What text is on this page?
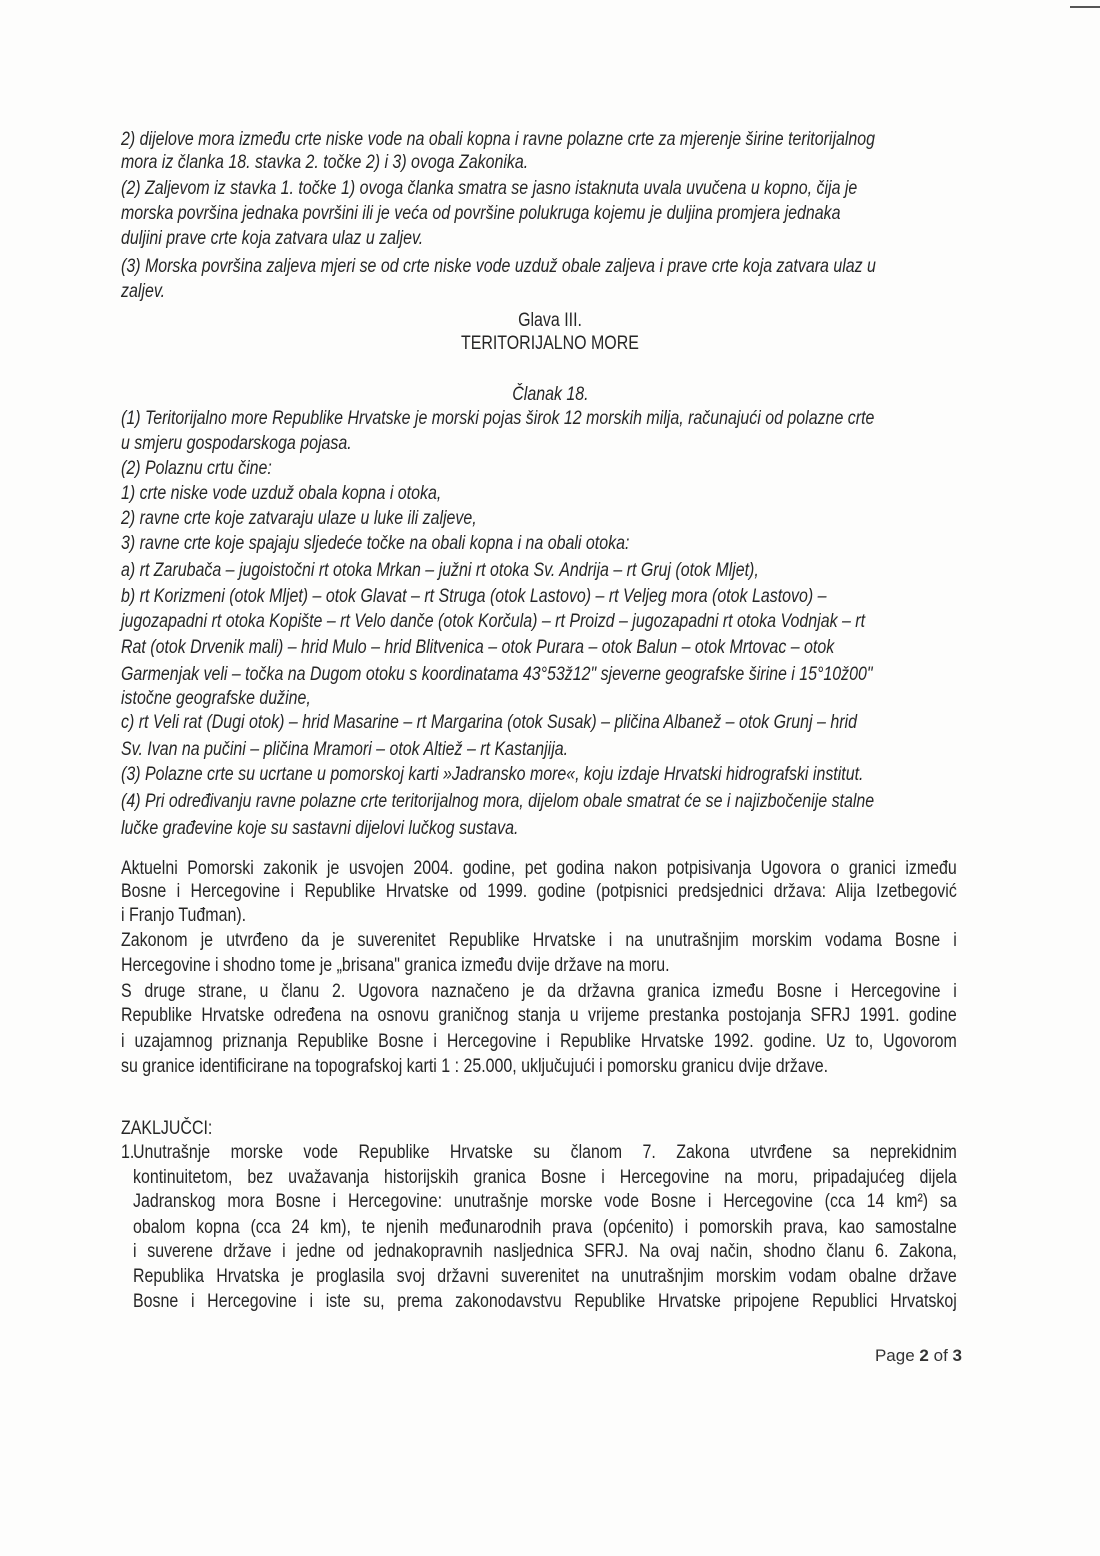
Glava III.
TERITORIJALNO MORE
Članak 18.
ZAKLJUČCI:
1.
Page 2 of 3
2) dijelove mora između crte niske vode na obali kopna i ravne polazne crte za mjerenje širine teritorijalnog
mora iz članka 18. stavka 2. točke 2) i 3) ovoga Zakonika.
(2) Zaljevom iz stavka 1. točke 1) ovoga članka smatra se jasno istaknuta uvala uvučena u kopno, čija je
morska površina jednaka površini ili je veća od površine polukruga kojemu je duljina promjera jednaka
duljini prave crte koja zatvara ulaz u zaljev.
(3) Morska površina zaljeva mjeri se od crte niske vode uzduž obale zaljeva i prave crte koja zatvara ulaz u
zaljev.
(1) Teritorijalno more Republike Hrvatske je morski pojas širok 12 morskih milja, računajući od polazne crte
u smjeru gospodarskoga pojasa.
(2) Polaznu crtu čine:
1) crte niske vode uzduž obala kopna i otoka,
2) ravne crte koje zatvaraju ulaze u luke ili zaljeve,
3) ravne crte koje spajaju sljedeće točke na obali kopna i na obali otoka:
a) rt Zarubača – jugoistočni rt otoka Mrkan – južni rt otoka Sv. Andrija – rt Gruj (otok Mljet),
b) rt Korizmeni (otok Mljet) – otok Glavat – rt Struga (otok Lastovo) – rt Veljeg mora (otok Lastovo) –
jugozapadni rt otoka Kopište – rt Velo danče (otok Korčula) – rt Proizd – jugozapadni rt otoka Vodnjak – rt
Rat (otok Drvenik mali) – hrid Mulo – hrid Blitvenica – otok Purara – otok Balun – otok Mrtovac – otok
Garmenjak veli – točka na Dugom otoku s koordinatama 43°53ž12" sjeverne geografske širine i 15°10ž00"
istočne geografske dužine,
c) rt Veli rat (Dugi otok) – hrid Masarine – rt Margarina (otok Susak) – pličina Albanež – otok Grunj – hrid
Sv. Ivan na pučini – pličina Mramori – otok Altiež – rt Kastanjija.
(3) Polazne crte su ucrtane u pomorskoj karti »Jadransko more«, koju izdaje Hrvatski hidrografski institut.
(4) Pri određivanju ravne polazne crte teritorijalnog mora, dijelom obale smatrat će se i najizbočenije stalne
lučke građevine koje su sastavni dijelovi lučkog sustava.
Aktuelni Pomorski zakonik je usvojen 2004. godine, pet godina nakon potpisivanja Ugovora o granici između
Bosne i Hercegovine i Republike Hrvatske od 1999. godine (potpisnici predsjednici država: Alija Izetbegović
i Franjo Tuđman).
Zakonom je utvrđeno da je suverenitet Republike Hrvatske i na unutrašnjim morskim vodama Bosne i
Hercegovine i shodno tome je „brisana" granica između dvije države na moru.
S druge strane, u članu 2. Ugovora naznačeno je da državna granica između Bosne i Hercegovine i
Republike Hrvatske određena na osnovu graničnog stanja u vrijeme prestanka postojanja SFRJ 1991. godine
i uzajamnog priznanja Republike Bosne i Hercegovine i Republike Hrvatske 1992. godine. Uz to, Ugovorom
su granice identificirane na topografskoj karti 1 : 25.000, uključujući i pomorsku granicu dvije države.
Unutrašnje morske vode Republike Hrvatske su članom 7. Zakona utvrđene sa neprekidnim
kontinuitetom, bez uvažavanja historijskih granica Bosne i Hercegovine na moru, pripadajućeg dijela
Jadranskog mora Bosne i Hercegovine: unutrašnje morske vode Bosne i Hercegovine (cca 14 km²) sa
obalom kopna (cca 24 km), te njenih međunarodnih prava (općenito) i pomorskih prava, kao samostalne
i suverene države i jedne od jednakopravnih nasljednica SFRJ. Na ovaj način, shodno članu 6. Zakona,
Republika Hrvatska je proglasila svoj državni suverenitet na unutrašnjim morskim vodam obalne države
Bosne i Hercegovine i iste su, prema zakonodavstvu Republike Hrvatske pripojene Republici Hrvatskoj
